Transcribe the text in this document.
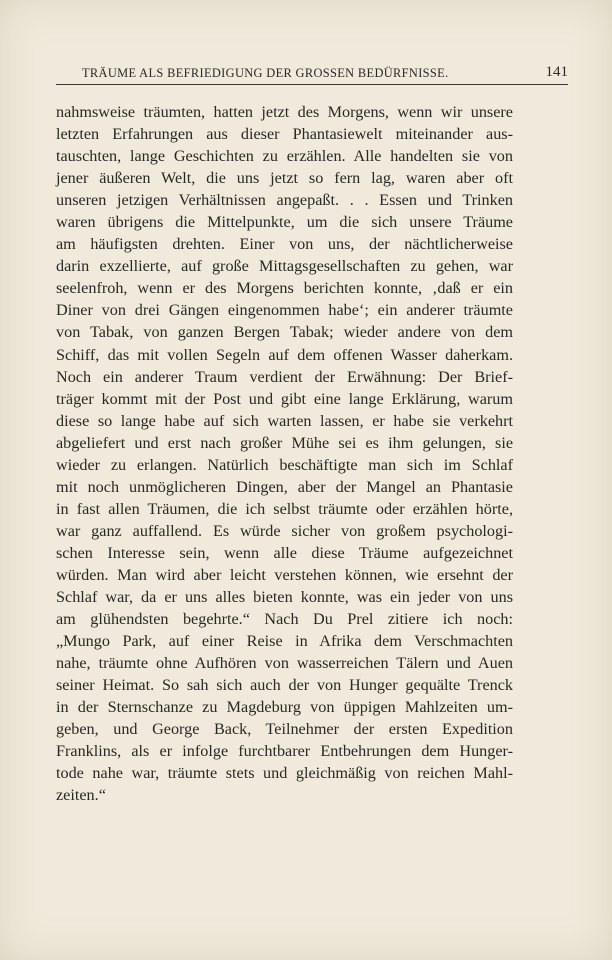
TRÄUME ALS BEFRIEDIGUNG DER GROSSEN BEDÜRFNISSE.	141
nahmsweise träumten, hatten jetzt des Morgens, wenn wir unsere
letzten Erfahrungen aus dieser Phantasiewelt miteinander aus-
tauschten, lange Geschichten zu erzählen. Alle handelten sie von
jener äußeren Welt, die uns jetzt so fern lag, waren aber oft
unseren jetzigen Verhältnissen angepaßt. . . Essen und Trinken
waren übrigens die Mittelpunkte, um die sich unsere Träume
am häufigsten drehten. Einer von uns, der nächtlicherweise
darin exzellierte, auf große Mittagsgesellschaften zu gehen, war
seelenfroh, wenn er des Morgens berichten konnte, ‚daß er ein
Diner von drei Gängen eingenommen habe‘; ein anderer träumte
von Tabak, von ganzen Bergen Tabak; wieder andere von dem
Schiff, das mit vollen Segeln auf dem offenen Wasser daherkam.
Noch ein anderer Traum verdient der Erwähnung: Der Brief-
träger kommt mit der Post und gibt eine lange Erklärung, warum
diese so lange habe auf sich warten lassen, er habe sie verkehrt
abgeliefert und erst nach großer Mühe sei es ihm gelungen, sie
wieder zu erlangen. Natürlich beschäftigte man sich im Schlaf
mit noch unmöglicheren Dingen, aber der Mangel an Phantasie
in fast allen Träumen, die ich selbst träumte oder erzählen hörte,
war ganz auffallend. Es würde sicher von großem psychologi-
schen Interesse sein, wenn alle diese Träume aufgezeichnet
würden. Man wird aber leicht verstehen können, wie ersehnt der
Schlaf war, da er uns alles bieten konnte, was ein jeder von uns
am glühendsten begehrte.“ Nach Du Prel zitiere ich noch:
„Mungo Park, auf einer Reise in Afrika dem Verschmachten
nahe, träumte ohne Aufhören von wasserreichen Tälern und Auen
seiner Heimat. So sah sich auch der von Hunger gequälte Trenck
in der Sternschanze zu Magdeburg von üppigen Mahlzeiten um-
geben, und George Back, Teilnehmer der ersten Expedition
Franklins, als er infolge furchtbarer Entbehrungen dem Hunger-
tode nahe war, träumte stets und gleichmäßig von reichen Mahl-
zeiten.“
